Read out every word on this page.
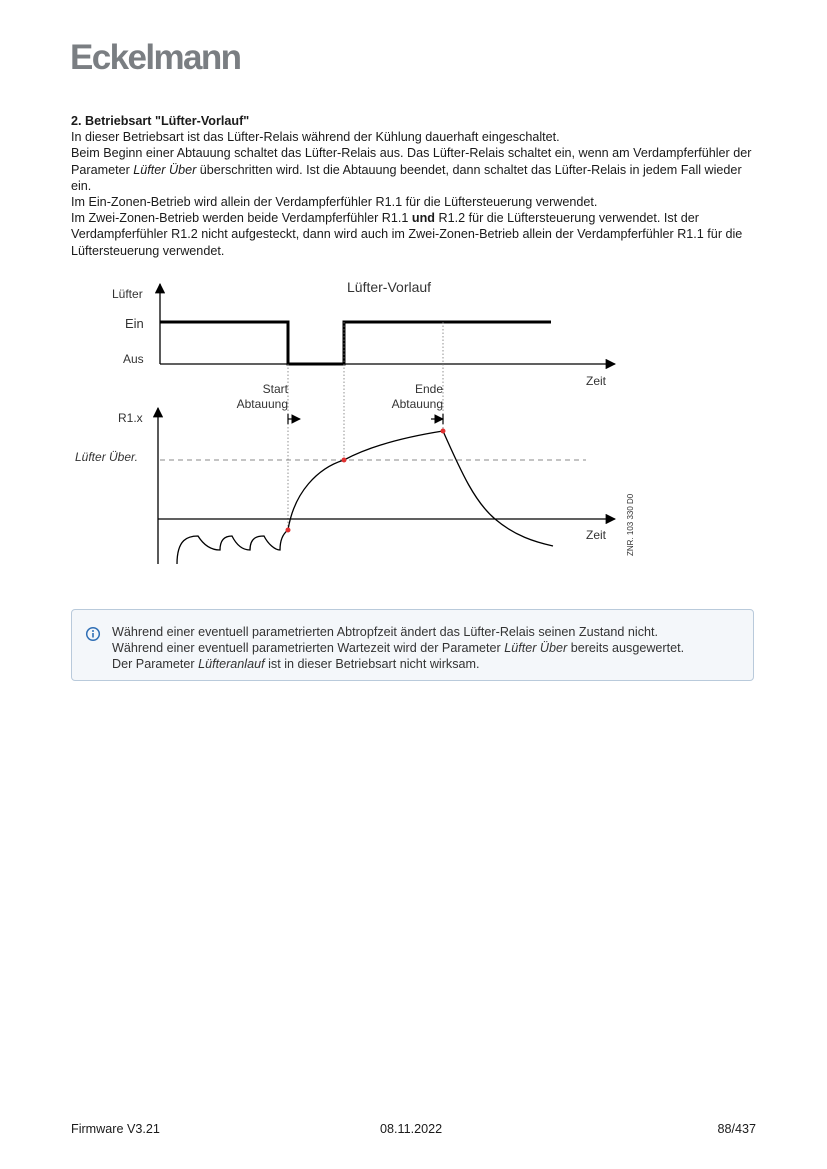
Eckelmann

2. Betriebsart "Lüfter-Vorlauf"

In dieser Betriebsart ist das Lüfter-Relais während der Kühlung dauerhaft eingeschaltet.

Beim Beginn einer Abtauung schaltet das Lüfter-Relais aus. Das Lüfter-Relais schaltet ein, wenn am Verdampferfühler der Parameter Lüfter Über überschritten wird. Ist die Abtauung beendet, dann schaltet das Lüfter-Relais in jedem Fall wieder ein.

Im Ein-Zonen-Betrieb wird allein der Verdampferfühler R1.1 für die Lüftersteuerung verwendet.

Im Zwei-Zonen-Betrieb werden beide Verdampferfühler R1.1 und R1.2 für die Lüftersteuerung verwendet. Ist der Verdampferfühler R1.2 nicht aufgesteckt, dann wird auch im Zwei-Zonen-Betrieb allein der Verdampferfühler R1.1 für die Lüftersteuerung verwendet.

Lüfter-Vorlauf
Lüfter
Ein
Aus
Zeit
Start
Abtauung
Ende
Abtauung
R1.x
Zeit
Lüfter Über.
ZNR. 103 330 D0

Während einer eventuell parametrierten Abtropfzeit ändert das Lüfter-Relais seinen Zustand nicht.

Während einer eventuell parametrierten Wartezeit wird der Parameter Lüfter Über bereits ausgewertet.

Der Parameter Lüfteranlauf ist in dieser Betriebsart nicht wirksam.

Firmware V3.21	08.11.2022	88/437
